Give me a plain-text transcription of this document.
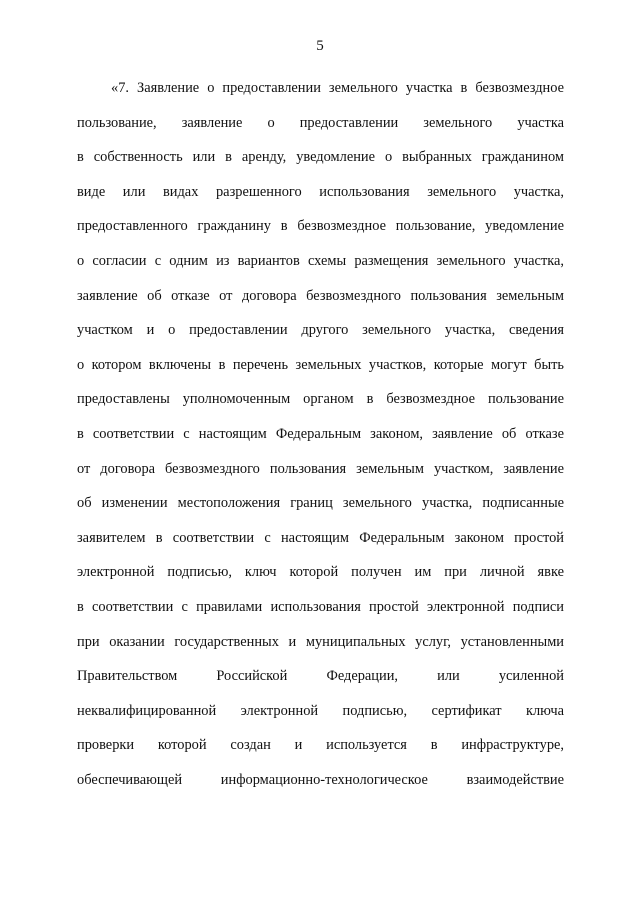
5
«7. Заявление о предоставлении земельного участка в безвозмездное
пользование, заявление о предоставлении земельного участка
в собственность или в аренду, уведомление о выбранных гражданином
виде или видах разрешенного использования земельного участка,
предоставленного гражданину в безвозмездное пользование, уведомление
о согласии с одним из вариантов схемы размещения земельного участка,
заявление об отказе от договора безвозмездного пользования земельным
участком и о предоставлении другого земельного участка, сведения
о котором включены в перечень земельных участков, которые могут быть
предоставлены уполномоченным органом в безвозмездное пользование
в соответствии с настоящим Федеральным законом, заявление об отказе
от договора безвозмездного пользования земельным участком, заявление
об изменении местоположения границ земельного участка, подписанные
заявителем в соответствии с настоящим Федеральным законом простой
электронной подписью, ключ которой получен им при личной явке
в соответствии с правилами использования простой электронной подписи
при оказании государственных и муниципальных услуг, установленными
Правительством Российской Федерации, или усиленной
неквалифицированной электронной подписью, сертификат ключа
проверки которой создан и используется в инфраструктуре,
обеспечивающей информационно-технологическое взаимодействие
